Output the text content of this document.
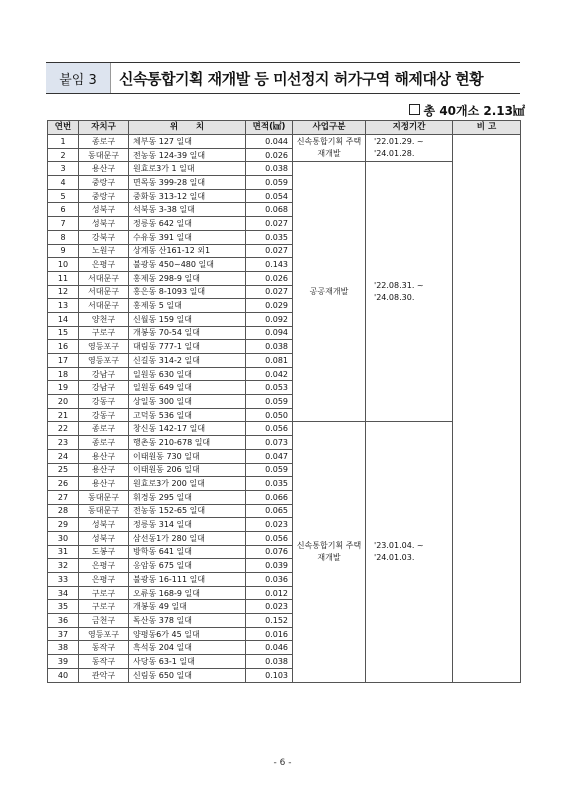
붙임 3	신속통합기획 재개발 등 미선정지 허가구역 해제대상 현황
총 40개소 2.13㎢
연번	자치구	위      치	면적(㎢)	사업구분	지정기간	비 고
1	종로구	체부동 127 일대	0.044	신속통합기획 주택재개발	'22.01.29. ~ '24.01.28.	
2	동대문구	전농동 124-39 일대	0.026			
3	용산구	원효로3가 1 일대	0.038	공공재개발	'22.08.31. ~ '24.08.30.	
4	중랑구	면목동 399-28 일대	0.059			
5	중랑구	중화동 313-12 일대	0.054			
6	성북구	석북동 3-38 일대	0.068			
7	성북구	정릉동 642 일대	0.027			
8	강북구	수유동 391 일대	0.035			
9	노원구	상계동 산161-12 외1	0.027			
10	은평구	불광동 450~480 일대	0.143			
11	서대문구	홍제동 298-9 일대	0.026			
12	서대문구	홍은동 8-1093 일대	0.027			
13	서대문구	홍제동 5 일대	0.029			
14	양천구	신월동 159 일대	0.092			
15	구로구	개봉동 70-54 일대	0.094			
16	영등포구	대림동 777-1 일대	0.038			
17	영등포구	신길동 314-2 일대	0.081			
18	강남구	일원동 630 일대	0.042			
19	강남구	일원동 649 일대	0.053			
20	강동구	상일동 300 일대	0.059			
21	강동구	고덕동 536 일대	0.050			
22	종로구	창신동 142-17 일대	0.056	신속통합기획 주택재개발	'23.01.04. ~ '24.01.03.	
23	종로구	행촌동 210-678 일대	0.073			
24	용산구	이태원동 730 일대	0.047			
25	용산구	이태원동 206 일대	0.059			
26	용산구	원효로3가 200 일대	0.035			
27	동대문구	휘경동 295 일대	0.066			
28	동대문구	전농동 152-65 일대	0.065			
29	성북구	정릉동 314 일대	0.023			
30	성북구	삼선동1가 280 일대	0.056			
31	도봉구	방학동 641 일대	0.076			
32	은평구	응암동 675 일대	0.039			
33	은평구	불광동 16-111 일대	0.036			
34	구로구	오류동 168-9 일대	0.012			
35	구로구	개봉동 49 일대	0.023			
36	금천구	독산동 378 일대	0.152			
37	영등포구	양평동6가 45 일대	0.016			
38	동작구	흑석동 204 일대	0.046			
39	동작구	사당동 63-1 일대	0.038			
40	관악구	신림동 650 일대	0.103			
- 6 -
